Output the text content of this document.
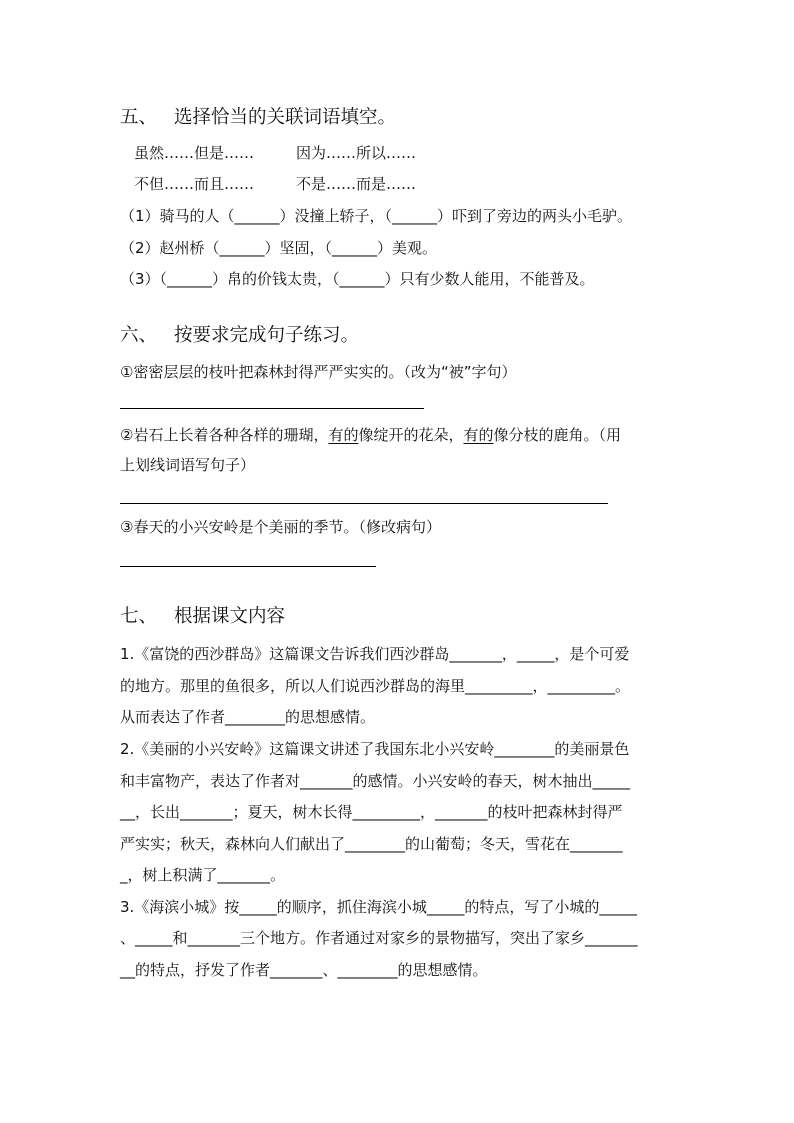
五、 选择恰当的关联词语填空。
虽然……但是……	因为……所以……
不但……而且……	不是……而是……
（1）骑马的人（______）没撞上轿子，（______）吓到了旁边的两头小毛驴。
（2）赵州桥（______）坚固，（______）美观。
（3）（______）帛的价钱太贵，（______）只有少数人能用，不能普及。
六、 按要求完成句子练习。
①密密层层的枝叶把森林封得严严实实的。（改为“被”字句）
②岩石上长着各种各样的珊瑚，有的像绽开的花朵，有的像分枝的鹿角。（用
上划线词语写句子）
③春天的小兴安岭是个美丽的季节。（修改病句）
七、 根据课文内容
1.《富饶的西沙群岛》这篇课文告诉我们西沙群岛_______，_____，是个可爱
的地方。那里的鱼很多，所以人们说西沙群岛的海里_________，_________。
从而表达了作者________的思想感情。
2.《美丽的小兴安岭》这篇课文讲述了我国东北小兴安岭________的美丽景色
和丰富物产，表达了作者对_______的感情。小兴安岭的春天，树木抽出_____
__，长出_______；夏天，树木长得_________，_______的枝叶把森林封得严
严实实；秋天，森林向人们献出了________的山葡萄；冬天，雪花在_______
_，树上积满了_______。
3.《海滨小城》按_____的顺序，抓住海滨小城_____的特点，写了小城的_____
、_____和_______三个地方。作者通过对家乡的景物描写，突出了家乡_______
__的特点，抒发了作者_______、________的思想感情。
